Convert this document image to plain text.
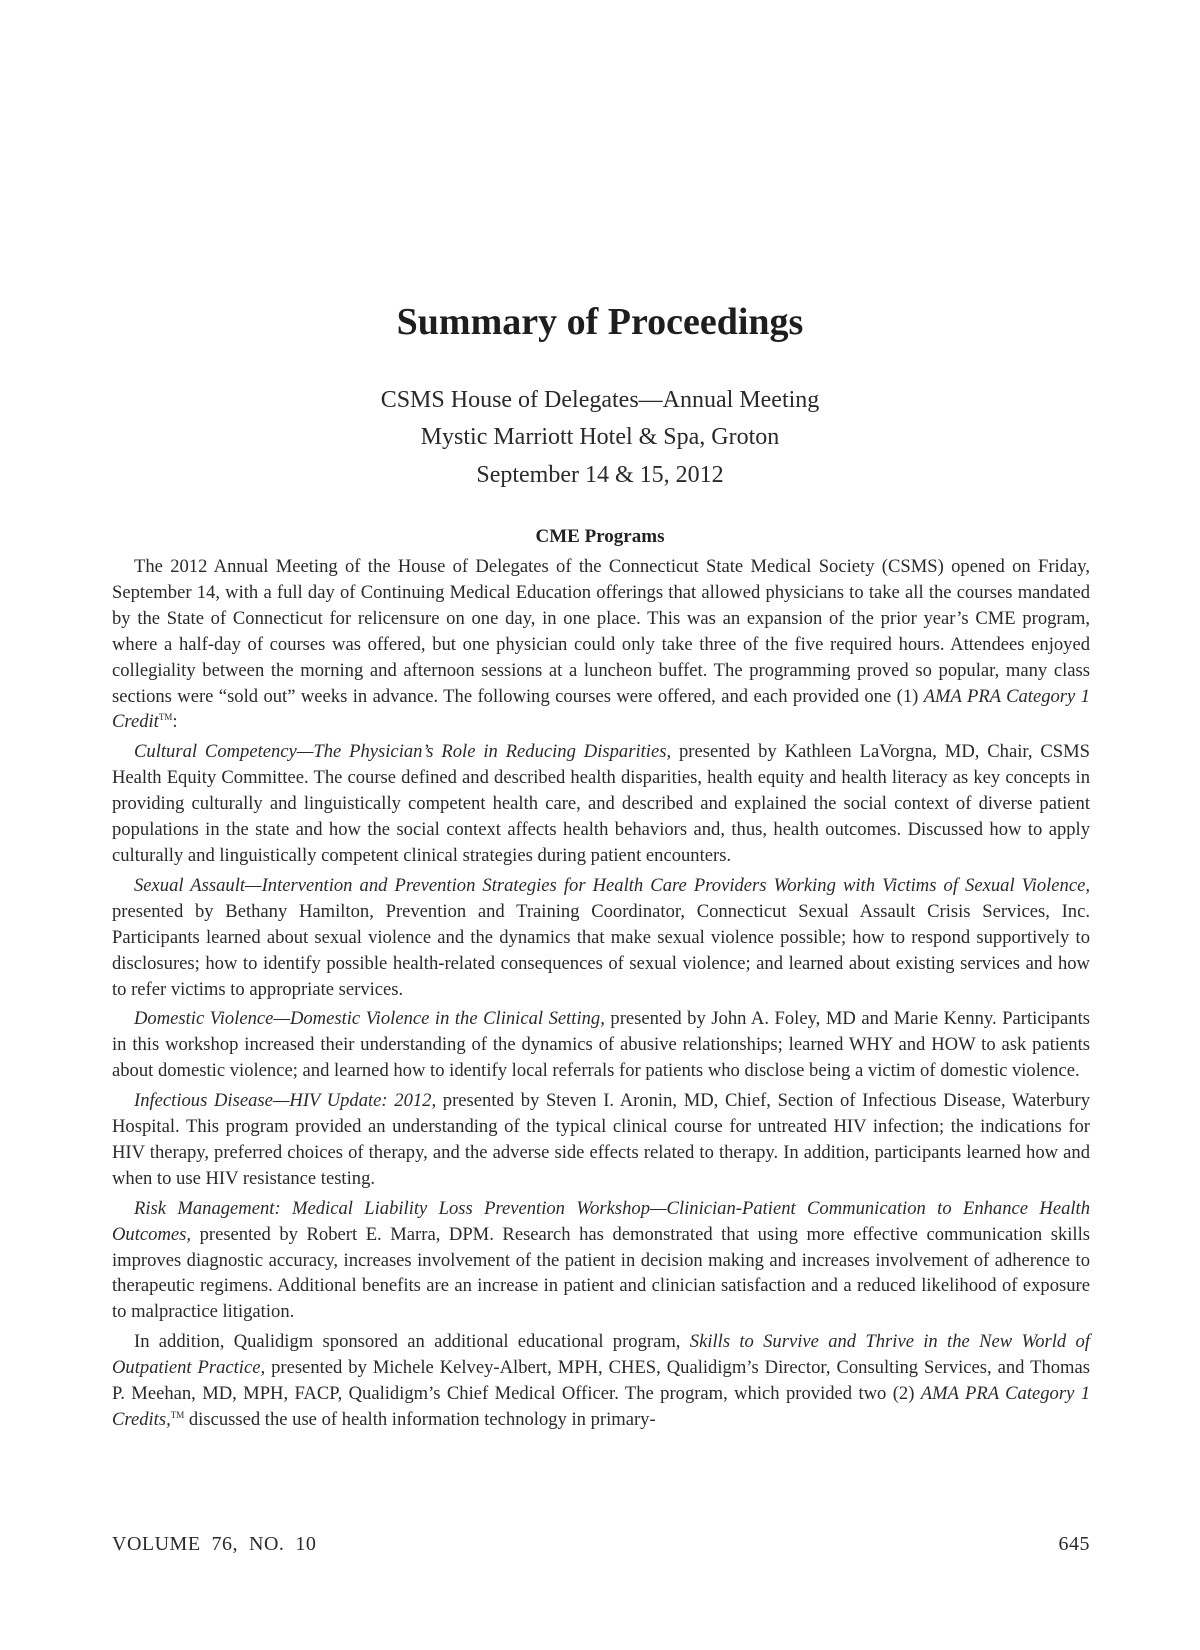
Summary of Proceedings

CSMS House of Delegates—Annual Meeting

Mystic Marriott Hotel & Spa, Groton

September 14 & 15, 2012

CME Programs

The 2012 Annual Meeting of the House of Delegates of the Connecticut State Medical Society (CSMS) opened on Friday, September 14, with a full day of Continuing Medical Education offerings that allowed physicians to take all the courses mandated by the State of Connecticut for relicensure on one day, in one place. This was an expansion of the prior year’s CME program, where a half-day of courses was offered, but one physician could only take three of the five required hours. Attendees enjoyed collegiality between the morning and afternoon sessions at a luncheon buffet. The programming proved so popular, many class sections were “sold out” weeks in advance. The following courses were offered, and each provided one (1) AMA PRA Category 1 Credit™:

Cultural Competency—The Physician’s Role in Reducing Disparities, presented by Kathleen LaVorgna, MD, Chair, CSMS Health Equity Committee. The course defined and described health disparities, health equity and health literacy as key concepts in providing culturally and linguistically competent health care, and described and explained the social context of diverse patient populations in the state and how the social context affects health behaviors and, thus, health outcomes. Discussed how to apply culturally and linguistically competent clinical strategies during patient encounters.

Sexual Assault—Intervention and Prevention Strategies for Health Care Providers Working with Victims of Sexual Violence, presented by Bethany Hamilton, Prevention and Training Coordinator, Connecticut Sexual Assault Crisis Services, Inc. Participants learned about sexual violence and the dynamics that make sexual violence possible; how to respond supportively to disclosures; how to identify possible health-related consequences of sexual violence; and learned about existing services and how to refer victims to appropriate services.

Domestic Violence—Domestic Violence in the Clinical Setting, presented by John A. Foley, MD and Marie Kenny. Participants in this workshop increased their understanding of the dynamics of abusive relationships; learned WHY and HOW to ask patients about domestic violence; and learned how to identify local referrals for patients who disclose being a victim of domestic violence.

Infectious Disease—HIV Update: 2012, presented by Steven I. Aronin, MD, Chief, Section of Infectious Disease, Waterbury Hospital. This program provided an understanding of the typical clinical course for untreated HIV infection; the indications for HIV therapy, preferred choices of therapy, and the adverse side effects related to therapy. In addition, participants learned how and when to use HIV resistance testing.

Risk Management: Medical Liability Loss Prevention Workshop—Clinician-Patient Communication to Enhance Health Outcomes, presented by Robert E. Marra, DPM. Research has demonstrated that using more effective communication skills improves diagnostic accuracy, increases involvement of the patient in decision making and increases involvement of adherence to therapeutic regimens. Additional benefits are an increase in patient and clinician satisfaction and a reduced likelihood of exposure to malpractice litigation.

In addition, Qualidigm sponsored an additional educational program, Skills to Survive and Thrive in the New World of Outpatient Practice, presented by Michele Kelvey-Albert, MPH, CHES, Qualidigm’s Director, Consulting Services, and Thomas P. Meehan, MD, MPH, FACP, Qualidigm’s Chief Medical Officer. The program, which provided two (2) AMA PRA Category 1 Credits,™ discussed the use of health information technology in primary-

VOLUME  76,  NO.  10	645
